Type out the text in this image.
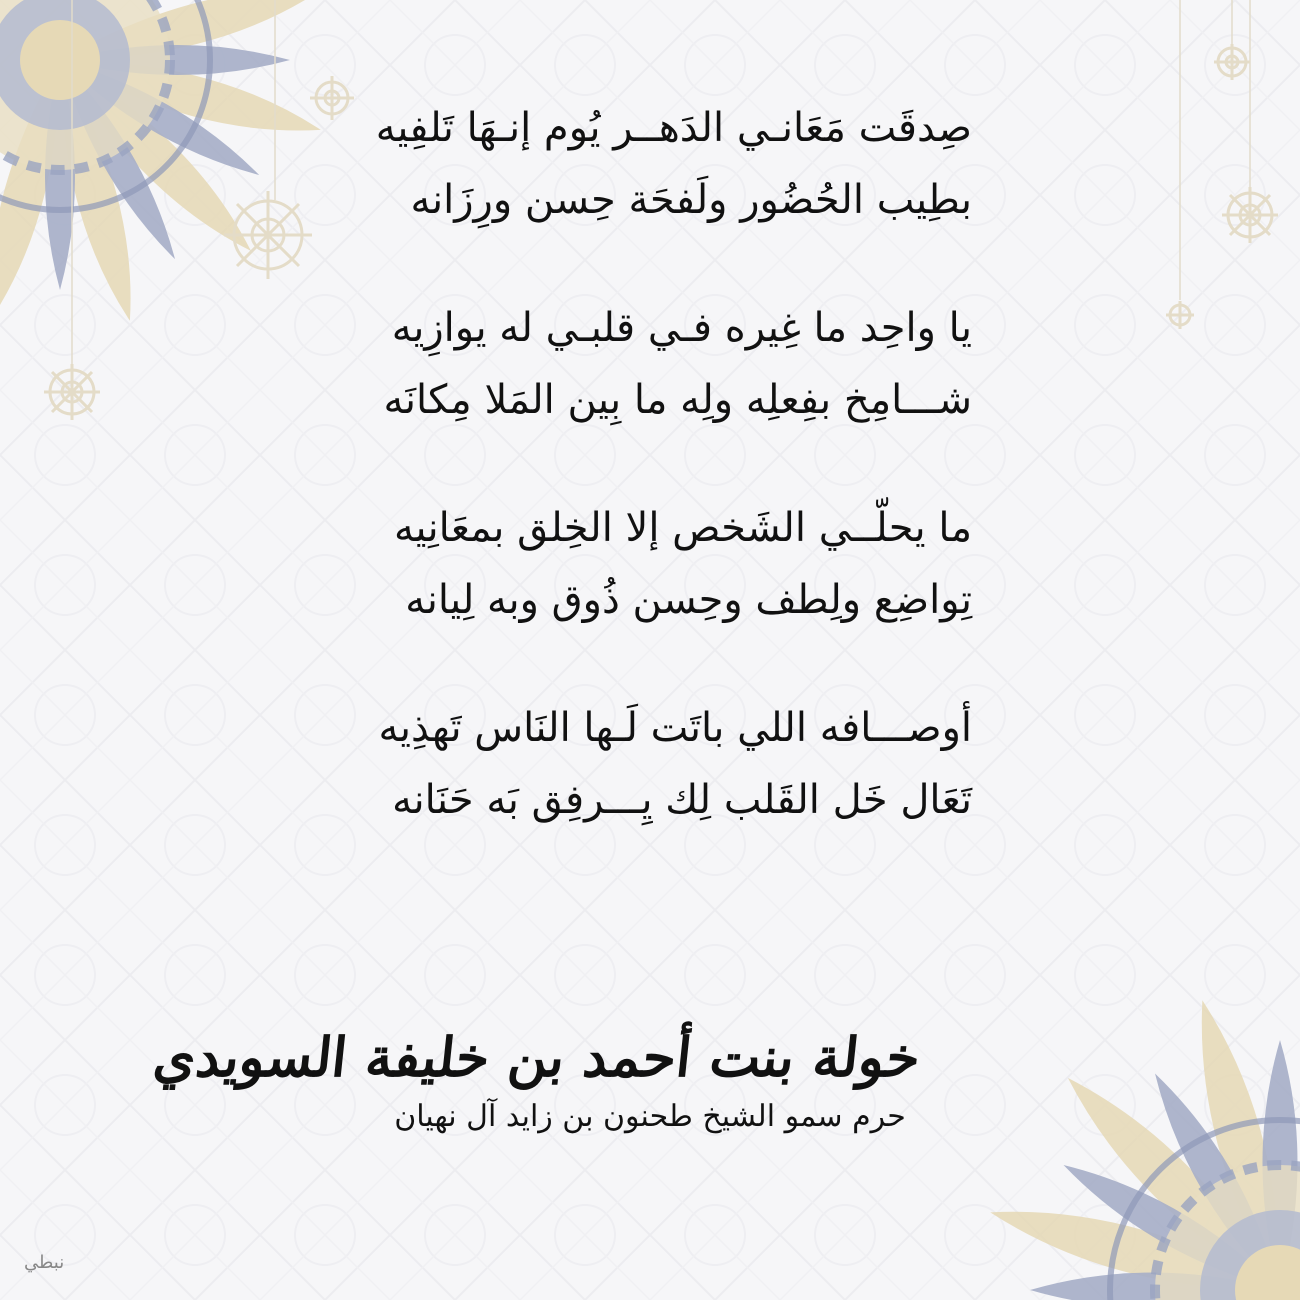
صِدقَت مَعَانـي الدَهــر يُوم إنـهَا تَلفِيه
بطِيب الحُضُور ولَفحَة حِسن ورِزَانه
يا واحِد ما غِيره فـي قلبـي له يوازِيه
شـــامِخ بفِعلِه ولِه ما بِين المَلا مِكانَه
ما يحلّــي الشَخص إلا الخِلق بمعَانِيه
تِواضِع ولِطف وحِسن ذُوق وبه لِيانه
أوصـــافه اللي باتَت لَـها النَاس تَهذِيه
تَعَال خَل القَلب لِك يِـــرفِق بَه حَنَانه
خولة بنت أحمد بن خليفة السويدي
حرم سمو الشيخ طحنون بن زايد آل نهيان
نبطي
